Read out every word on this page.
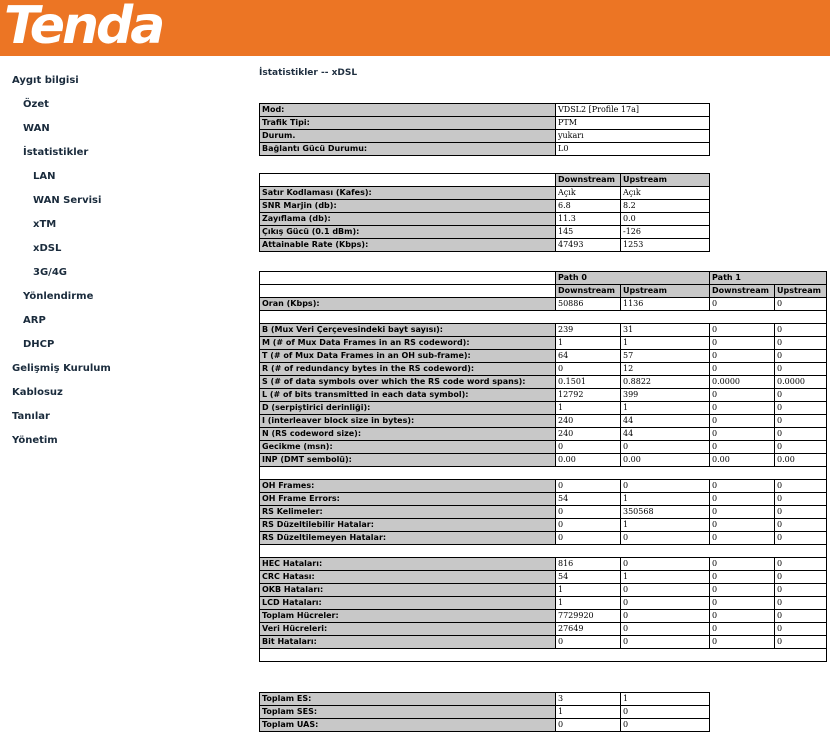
Tenda
Aygıt bilgisi
Özet
WAN
İstatistikler
LAN
WAN Servisi
xTM
xDSL
3G/4G
Yönlendirme
ARP
DHCP
Gelişmiş Kurulum
Kablosuz
Tanılar
Yönetim
İstatistikler -- xDSL
Mod:	VDSL2 [Profile 17a]
Trafik Tipi:	PTM
Durum.	yukarı
Bağlantı Gücü Durumu:	L0
	Downstream	Upstream
Satır Kodlaması (Kafes):	Açık	Açık
SNR Marjin (db):	6.8	8.2
Zayıflama (db):	11.3	0.0
Çıkış Gücü (0.1 dBm):	145	-126
Attainable Rate (Kbps):	47493	1253
	Path 0		Path 1	
	Downstream	Upstream	Downstream	Upstream
Oran (Kbps):	50886	1136	0	0

B (Mux Veri Çerçevesindeki bayt sayısı):	239	31	0	0
M (# of Mux Data Frames in an RS codeword):	1	1	0	0
T (# of Mux Data Frames in an OH sub-frame):	64	57	0	0
R (# of redundancy bytes in the RS codeword):	0	12	0	0
S (# of data symbols over which the RS code word spans):	0.1501	0.8822	0.0000	0.0000
L (# of bits transmitted in each data symbol):	12792	399	0	0
D (serpiştirici derinliği):	1	1	0	0
I (interleaver block size in bytes):	240	44	0	0
N (RS codeword size):	240	44	0	0
Gecikme (msn):	0	0	0	0
INP (DMT sembolü):	0.00	0.00	0.00	0.00

OH Frames:	0	0	0	0
OH Frame Errors:	54	1	0	0
RS Kelimeler:	0	350568	0	0
RS Düzeltilebilir Hatalar:	0	1	0	0
RS Düzeltilemeyen Hatalar:	0	0	0	0

HEC Hataları:	816	0	0	0
CRC Hatası:	54	1	0	0
OKB Hataları:	1	0	0	0
LCD Hataları:	1	0	0	0
Toplam Hücreler:	7729920	0	0	0
Veri Hücreleri:	27649	0	0	0
Bit Hataları:	0	0	0	0

Toplam ES:	3	1
Toplam SES:	1	0
Toplam UAS:	0	0
